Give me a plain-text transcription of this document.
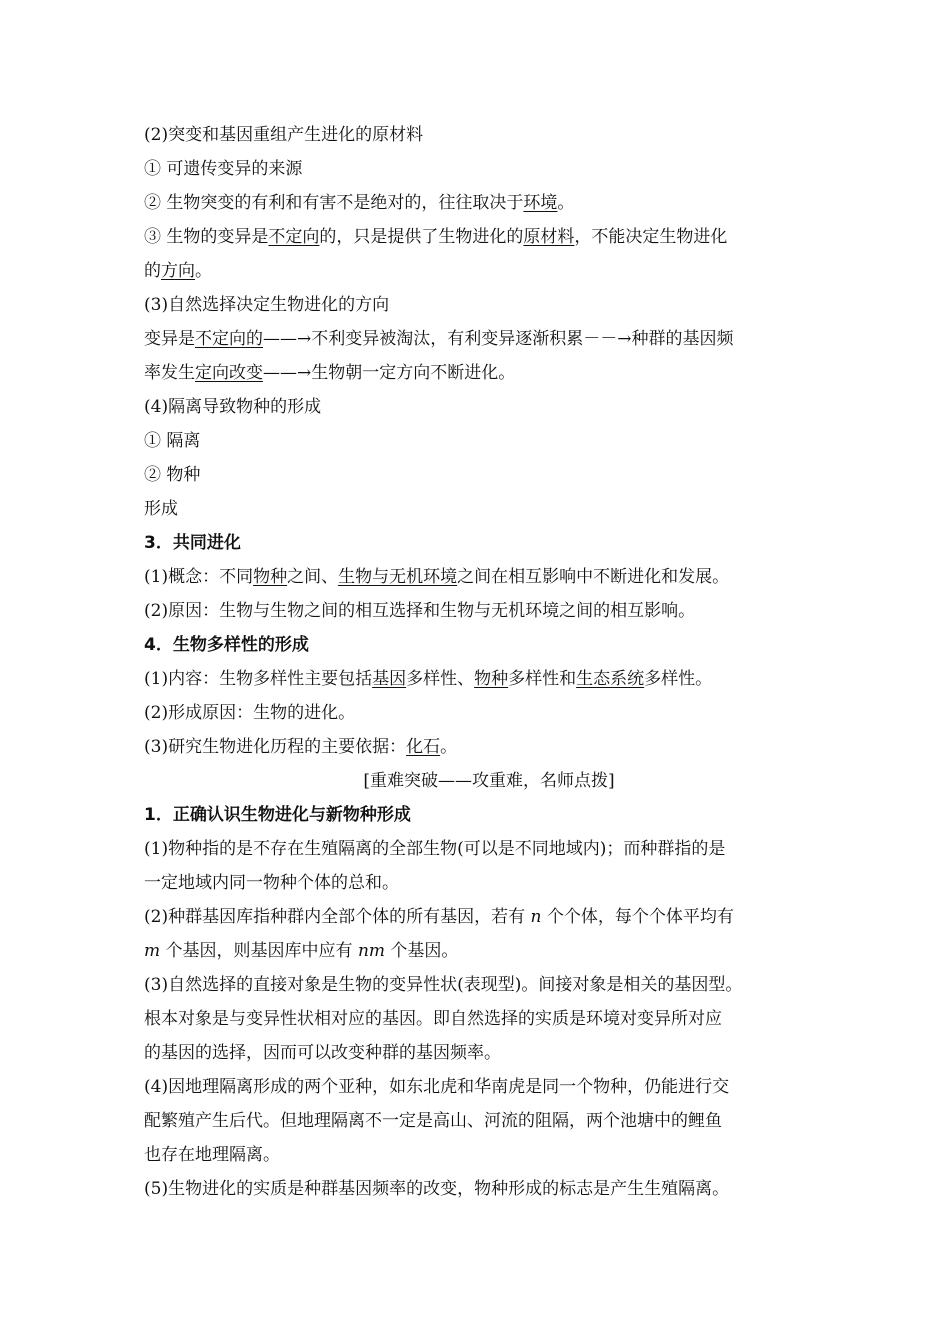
(2)突变和基因重组产生进化的原材料

① 可遗传变异的来源

② 生物突变的有利和有害不是绝对的，往往取决于环境。

③ 生物的变异是不定向的，只是提供了生物进化的原材料，不能决定生物进化

的方向。

(3)自然选择决定生物进化的方向

变异是不定向的——→不利变异被淘汰，有利变异逐渐积累－－→种群的基因频

率发生定向改变——→生物朝一定方向不断进化。

(4)隔离导致物种的形成

① 隔离

② 物种

形成

3．共同进化

(1)概念：不同物种之间、生物与无机环境之间在相互影响中不断进化和发展。

(2)原因：生物与生物之间的相互选择和生物与无机环境之间的相互影响。

4．生物多样性的形成

(1)内容：生物多样性主要包括基因多样性、物种多样性和生态系统多样性。

(2)形成原因：生物的进化。

(3)研究生物进化历程的主要依据：化石。

[重难突破——攻重难，名师点拨]

1．正确认识生物进化与新物种形成

(1)物种指的是不存在生殖隔离的全部生物(可以是不同地域内)；而种群指的是

一定地域内同一物种个体的总和。

(2)种群基因库指种群内全部个体的所有基因，若有 n 个个体，每个个体平均有

m 个基因，则基因库中应有 nm 个基因。

(3)自然选择的直接对象是生物的变异性状(表现型)。间接对象是相关的基因型。

根本对象是与变异性状相对应的基因。即自然选择的实质是环境对变异所对应

的基因的选择，因而可以改变种群的基因频率。

(4)因地理隔离形成的两个亚种，如东北虎和华南虎是同一个物种，仍能进行交

配繁殖产生后代。但地理隔离不一定是高山、河流的阻隔，两个池塘中的鲤鱼

也存在地理隔离。

(5)生物进化的实质是种群基因频率的改变，物种形成的标志是产生生殖隔离。
